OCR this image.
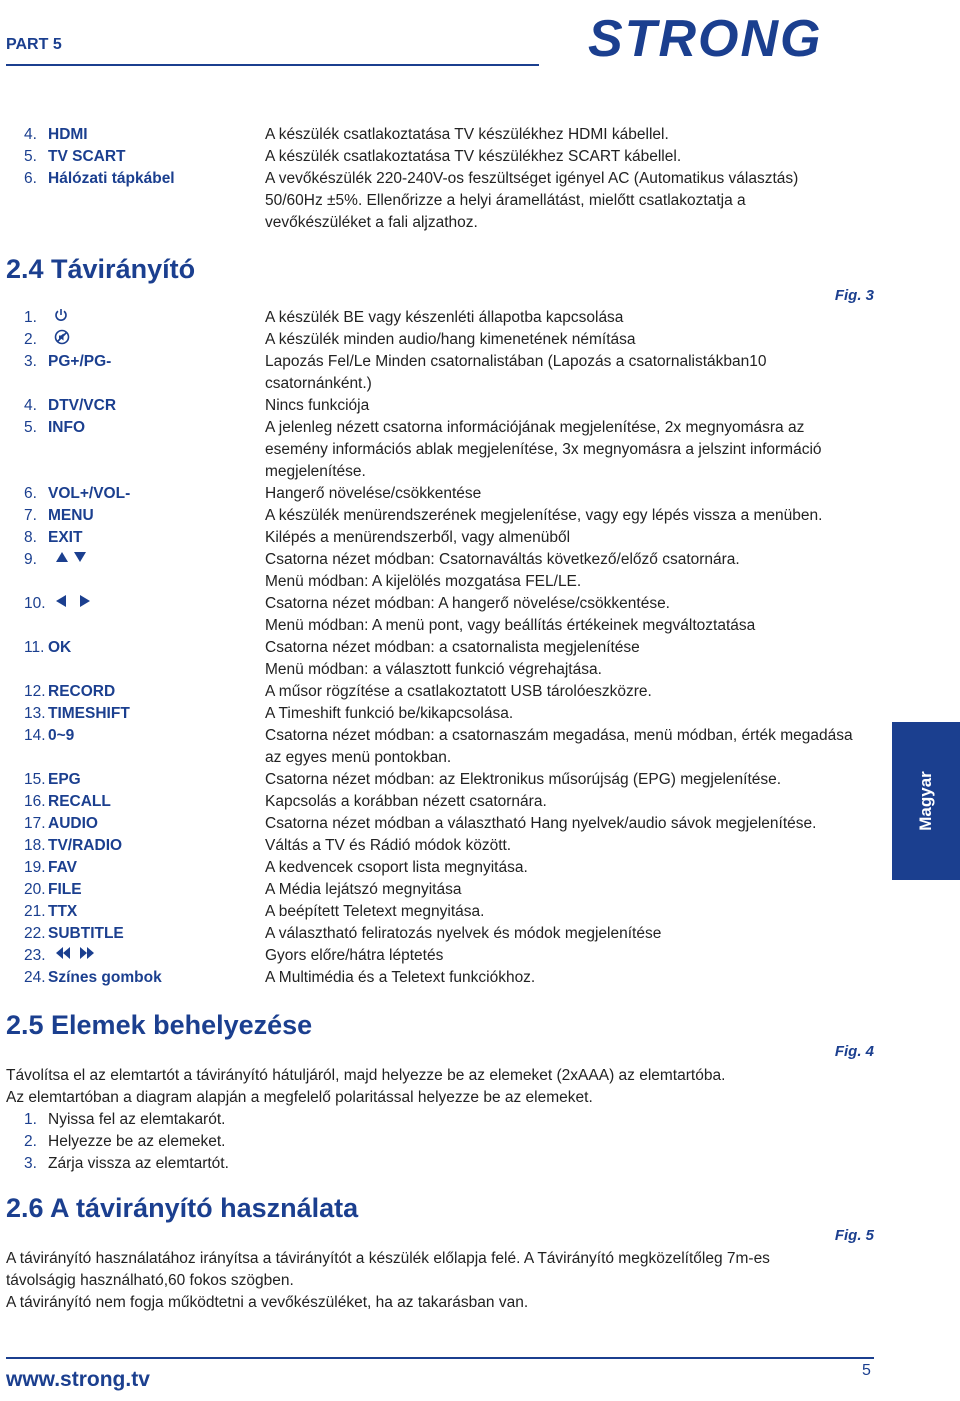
PART 5	STRONG
4. HDMI	A készülék csatlakoztatása TV készülékhez HDMI kábellel.
5. TV SCART	A készülék csatlakoztatása TV készülékhez SCART kábellel.
6. Hálózati tápkábel	A vevőkészülék 220-240V-os feszültséget igényel AC (Automatikus választás) 50/60Hz ±5%. Ellenőrizze a helyi áramellátást, mielőtt csatlakoztatja a vevőkészüléket a fali aljzathoz.
2.4 Távirányító
Fig. 3
1.	A készülék BE vagy készenléti állapotba kapcsolása
2.	A készülék minden audio/hang kimenetének némítása
3. PG+/PG-	Lapozás Fel/Le Minden csatornalistában (Lapozás a csatornalistákban10 csatornánként.)
4. DTV/VCR	Nincs funkciója
5. INFO	A jelenleg nézett csatorna információjának megjelenítése, 2x megnyomásra az esemény információs ablak megjelenítése, 3x megnyomásra a jelszint információ megjelenítése.
6. VOL+/VOL-	Hangerő növelése/csökkentése
7. MENU	A készülék menürendszerének megjelenítése, vagy egy lépés vissza a menüben.
8. EXIT	Kilépés a menürendszerből, vagy almenüből
9.	Csatorna nézet módban: Csatornaváltás következő/előző csatornára.
Menü módban: A kijelölés mozgatása FEL/LE.
10.	Csatorna nézet módban: A hangerő növelése/csökkentése.
Menü módban: A menü pont, vagy beállítás értékeinek megváltoztatása
11. OK	Csatorna nézet módban: a csatornalista megjelenítése
Menü módban: a választott funkció végrehajtása.
12. RECORD	A műsor rögzítése a csatlakoztatott USB tárolóeszközre.
13. TIMESHIFT	A Timeshift funkció be/kikapcsolása.
14. 0~9	Csatorna nézet módban: a csatornaszám megadása, menü módban, érték megadása az egyes menü pontokban.
15. EPG	Csatorna nézet módban: az Elektronikus műsorújság (EPG) megjelenítése.
16. RECALL	Kapcsolás a korábban nézett csatornára.
17. AUDIO	Csatorna nézet módban a választható Hang nyelvek/audio sávok megjelenítése.
18. TV/RADIO	Váltás a TV és Rádió módok között.
19. FAV	A kedvencek csoport lista megnyitása.
20. FILE	A Média lejátszó megnyitása
21. TTX	A beépített Teletext megnyitása.
22. SUBTITLE	A választható feliratozás nyelvek és módok megjelenítése
23.	Gyors előre/hátra léptetés
24. Színes gombok	A Multimédia és a Teletext funkciókhoz.
2.5 Elemek behelyezése
Fig. 4

Távolítsa el az elemtartót a távirányító hátuljáról, majd helyezze be az elemeket (2xAAA) az elemtartóba.

Az elemtartóban a diagram alapján a megfelelő polaritással helyezze be az elemeket.

1. Nyissa fel az elemtakarót.
2. Helyezze be az elemeket.
3. Zárja vissza az elemtartót.
2.6 A távirányító használata
Fig. 5

A távirányító használatához irányítsa a távirányítót a készülék előlapja felé. A Távirányító megközelítőleg 7m-es távolságig használható,60 fokos szögben.

A távirányító nem fogja működtetni a vevőkészüléket, ha az takarásban van.

Magyar
www.strong.tv	5
